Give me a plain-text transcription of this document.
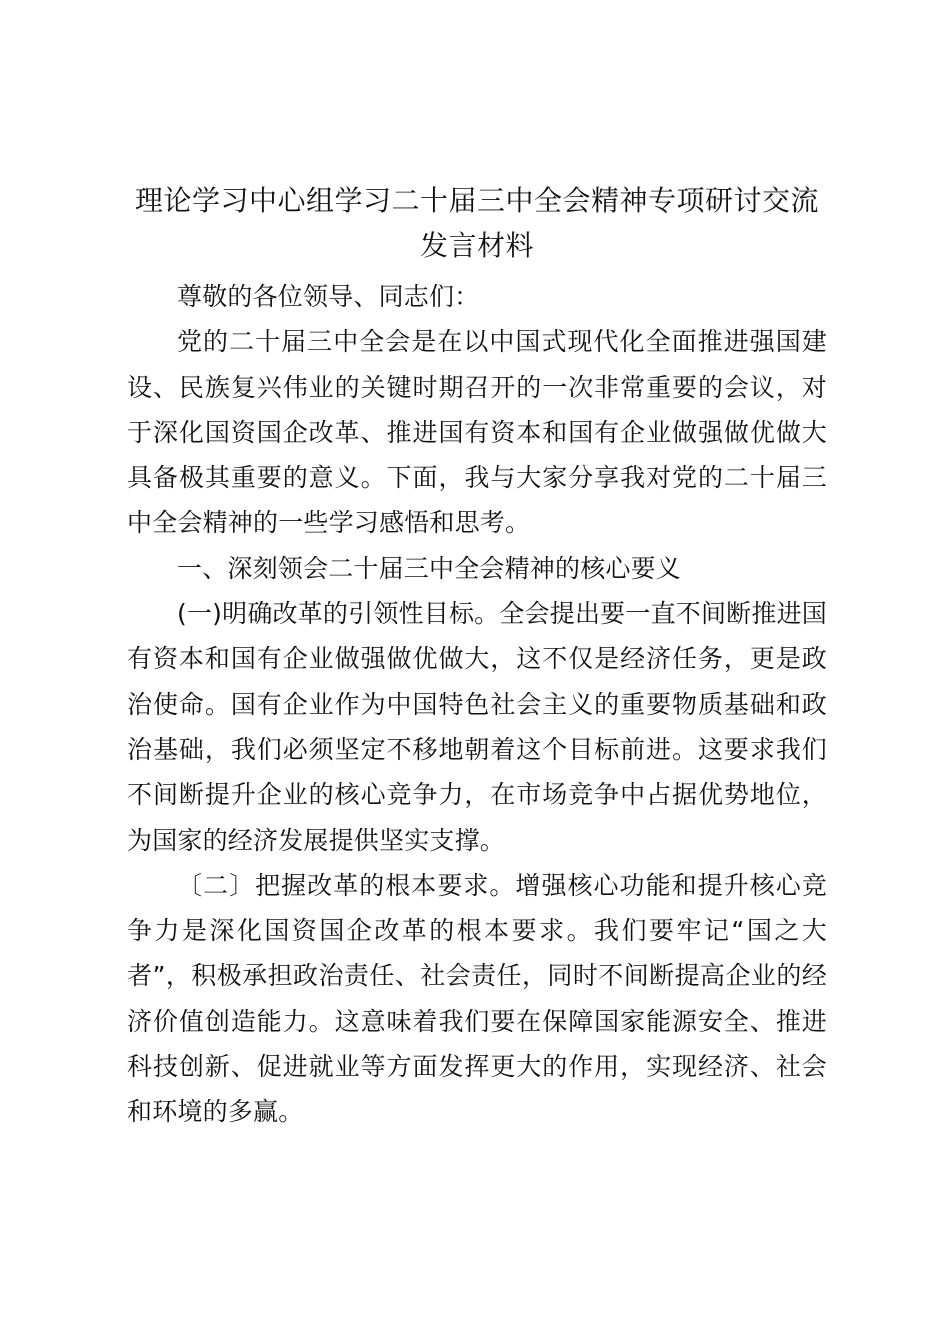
理论学习中心组学习二十届三中全会精神专项研讨交流发言材料

尊敬的各位领导、同志们：

党的二十届三中全会是在以中国式现代化全面推进强国建设、民族复兴伟业的关键时期召开的一次非常重要的会议，对于深化国资国企改革、推进国有资本和国有企业做强做优做大具备极其重要的意义。下面，我与大家分享我对党的二十届三中全会精神的一些学习感悟和思考。

一、深刻领会二十届三中全会精神的核心要义

(一)明确改革的引领性目标。全会提出要一直不间断推进国有资本和国有企业做强做优做大，这不仅是经济任务，更是政治使命。国有企业作为中国特色社会主义的重要物质基础和政治基础，我们必须坚定不移地朝着这个目标前进。这要求我们不间断提升企业的核心竞争力，在市场竞争中占据优势地位，为国家的经济发展提供坚实支撑。

〔二〕把握改革的根本要求。增强核心功能和提升核心竞争力是深化国资国企改革的根本要求。我们要牢记“国之大者”，积极承担政治责任、社会责任，同时不间断提高企业的经济价值创造能力。这意味着我们要在保障国家能源安全、推进科技创新、促进就业等方面发挥更大的作用，实现经济、社会和环境的多赢。
